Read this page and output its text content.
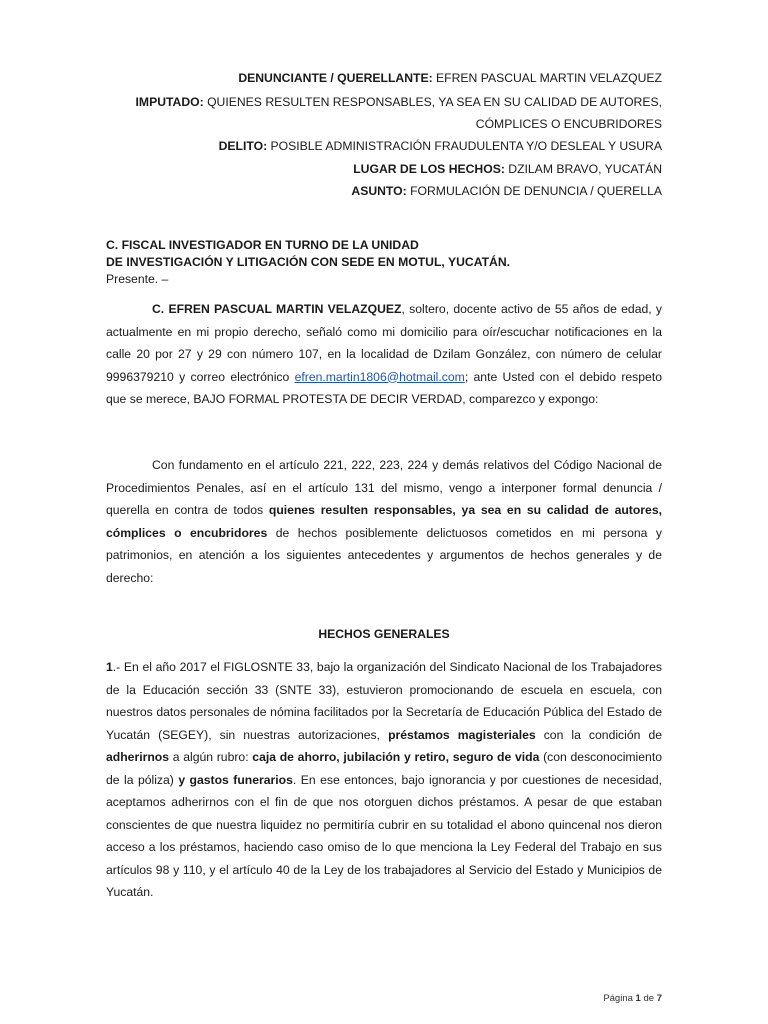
DENUNCIANTE / QUERELLANTE: EFREN PASCUAL MARTIN VELAZQUEZ
IMPUTADO: QUIENES RESULTEN RESPONSABLES, YA SEA EN SU CALIDAD DE AUTORES,
CÓMPLICES O ENCUBRIDORES
DELITO: POSIBLE ADMINISTRACIÓN FRAUDULENTA Y/O DESLEAL Y USURA
LUGAR DE LOS HECHOS: DZILAM BRAVO, YUCATÁN
ASUNTO: FORMULACIÓN DE DENUNCIA / QUERELLA
C. FISCAL INVESTIGADOR EN TURNO DE LA UNIDAD
DE INVESTIGACIÓN Y LITIGACIÓN CON SEDE EN MOTUL, YUCATÁN.
Presente. –
C. EFREN PASCUAL MARTIN VELAZQUEZ, soltero, docente activo de 55 años de edad, y actualmente en mi propio derecho, señaló como mi domicilio para oír/escuchar notificaciones en la calle 20 por 27 y 29 con número 107, en la localidad de Dzilam González, con número de celular 9996379210 y correo electrónico efren.martin1806@hotmail.com; ante Usted con el debido respeto que se merece, BAJO FORMAL PROTESTA DE DECIR VERDAD, comparezco y expongo:
Con fundamento en el artículo 221, 222, 223, 224 y demás relativos del Código Nacional de Procedimientos Penales, así en el artículo 131 del mismo, vengo a interponer formal denuncia / querella en contra de todos quienes resulten responsables, ya sea en su calidad de autores, cómplices o encubridores de hechos posiblemente delictuosos cometidos en mi persona y patrimonios, en atención a los siguientes antecedentes y argumentos de hechos generales y de derecho:
HECHOS GENERALES
1.- En el año 2017 el FIGLOSNTE 33, bajo la organización del Sindicato Nacional de los Trabajadores de la Educación sección 33 (SNTE 33), estuvieron promocionando de escuela en escuela, con nuestros datos personales de nómina facilitados por la Secretaría de Educación Pública del Estado de Yucatán (SEGEY), sin nuestras autorizaciones, préstamos magisteriales con la condición de adherirnos a algún rubro: caja de ahorro, jubilación y retiro, seguro de vida (con desconocimiento de la póliza) y gastos funerarios. En ese entonces, bajo ignorancia y por cuestiones de necesidad, aceptamos adherirnos con el fin de que nos otorguen dichos préstamos. A pesar de que estaban conscientes de que nuestra liquidez no permitiría cubrir en su totalidad el abono quincenal nos dieron acceso a los préstamos, haciendo caso omiso de lo que menciona la Ley Federal del Trabajo en sus artículos 98 y 110, y el artículo 40 de la Ley de los trabajadores al Servicio del Estado y Municipios de Yucatán.
Página 1 de 7
